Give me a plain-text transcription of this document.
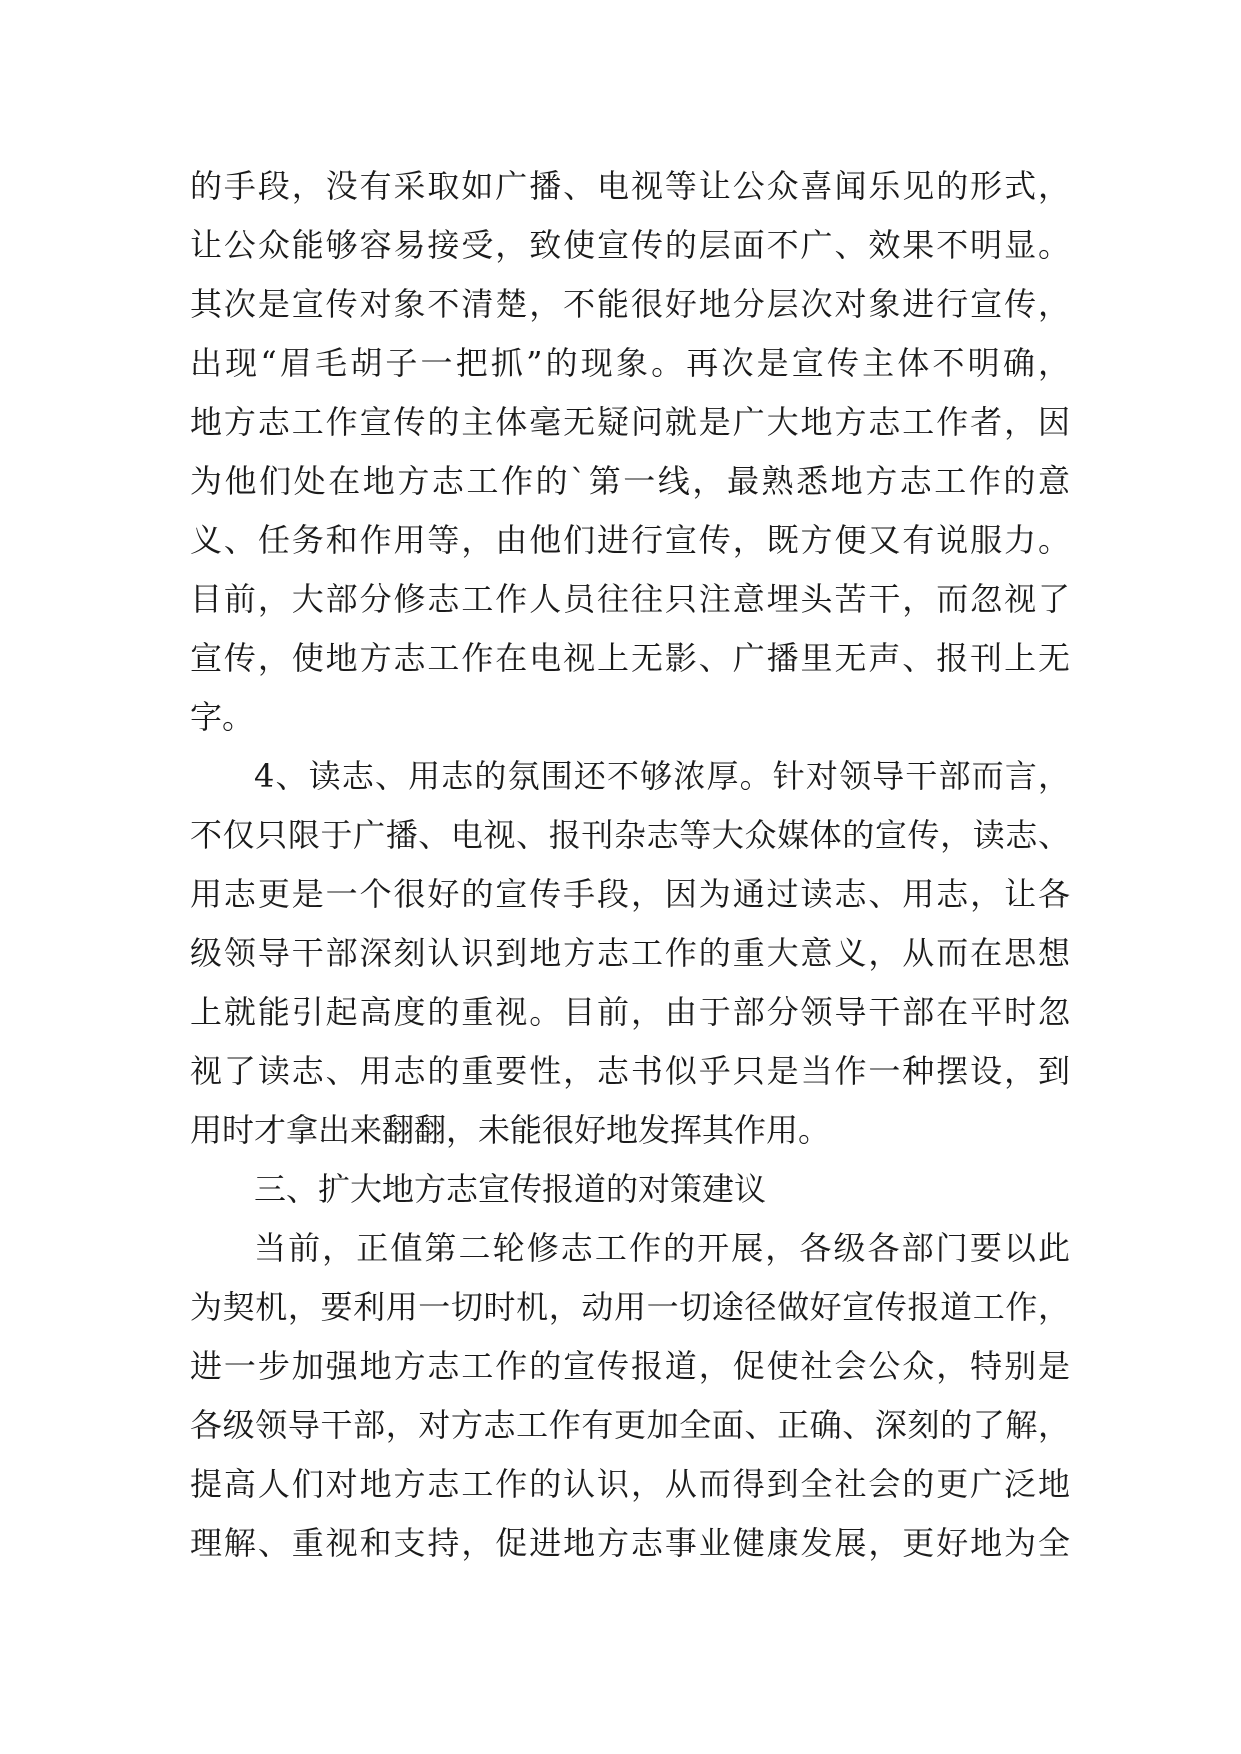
的手段，没有采取如广播、电视等让公众喜闻乐见的形式，
让公众能够容易接受，致使宣传的层面不广、效果不明显。
其次是宣传对象不清楚，不能很好地分层次对象进行宣传，
出现“眉毛胡子一把抓”的现象。再次是宣传主体不明确，
地方志工作宣传的主体毫无疑问就是广大地方志工作者，因
为他们处在地方志工作的`第一线，最熟悉地方志工作的意
义、任务和作用等，由他们进行宣传，既方便又有说服力。
目前，大部分修志工作人员往往只注意埋头苦干，而忽视了
宣传，使地方志工作在电视上无影、广播里无声、报刊上无
字。
4、读志、用志的氛围还不够浓厚。针对领导干部而言，
不仅只限于广播、电视、报刊杂志等大众媒体的宣传，读志、
用志更是一个很好的宣传手段，因为通过读志、用志，让各
级领导干部深刻认识到地方志工作的重大意义，从而在思想
上就能引起高度的重视。目前，由于部分领导干部在平时忽
视了读志、用志的重要性，志书似乎只是当作一种摆设，到
用时才拿出来翻翻，未能很好地发挥其作用。
三、扩大地方志宣传报道的对策建议
当前，正值第二轮修志工作的开展，各级各部门要以此
为契机，要利用一切时机，动用一切途径做好宣传报道工作，
进一步加强地方志工作的宣传报道，促使社会公众，特别是
各级领导干部，对方志工作有更加全面、正确、深刻的了解，
提高人们对地方志工作的认识，从而得到全社会的更广泛地
理解、重视和支持，促进地方志事业健康发展，更好地为全
